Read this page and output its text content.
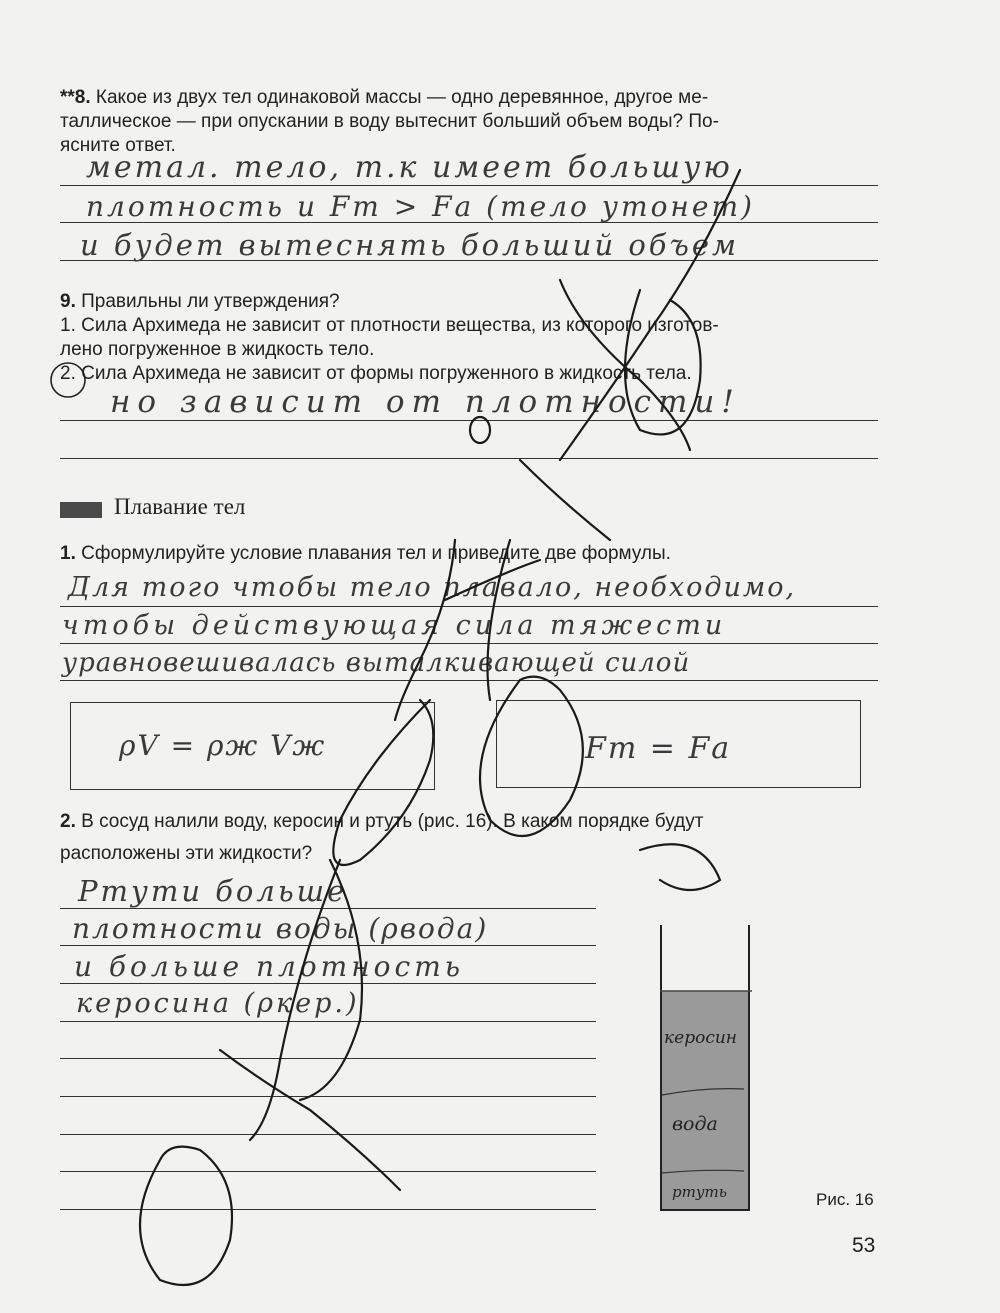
**8. Какое из двух тел одинаковой массы — одно деревянное, другое ме-
таллическое — при опускании в воду вытеснит больший объем воды? По-
ясните ответ.
метал. тело, т.к имеет большую
плотность и Fт > Fа (тело утонет)
и будет вытеснять больший объем
9. Правильны ли утверждения?
1. Сила Архимеда не зависит от плотности вещества, из которого изготов-
лено погруженное в жидкость тело.
2. Сила Архимеда не зависит от формы погруженного в жидкость тела.
но зависит от плотности!
Плавание тел
1. Сформулируйте условие плавания тел и приведите две формулы.
Для того чтобы тело плавало, необходимо,
чтобы действующая сила тяжести
уравновешивалась выталкивающей силой
ρV = ρж Vж	Fт = Fа
2. В сосуд налили воду, керосин и ртуть (рис. 16). В каком порядке будут
расположены эти жидкости?
Ртути больше
плотности воды (ρвода)
и больше плотность
керосина (ρкер.)
керосин
вода
ртуть	Рис. 16
53
